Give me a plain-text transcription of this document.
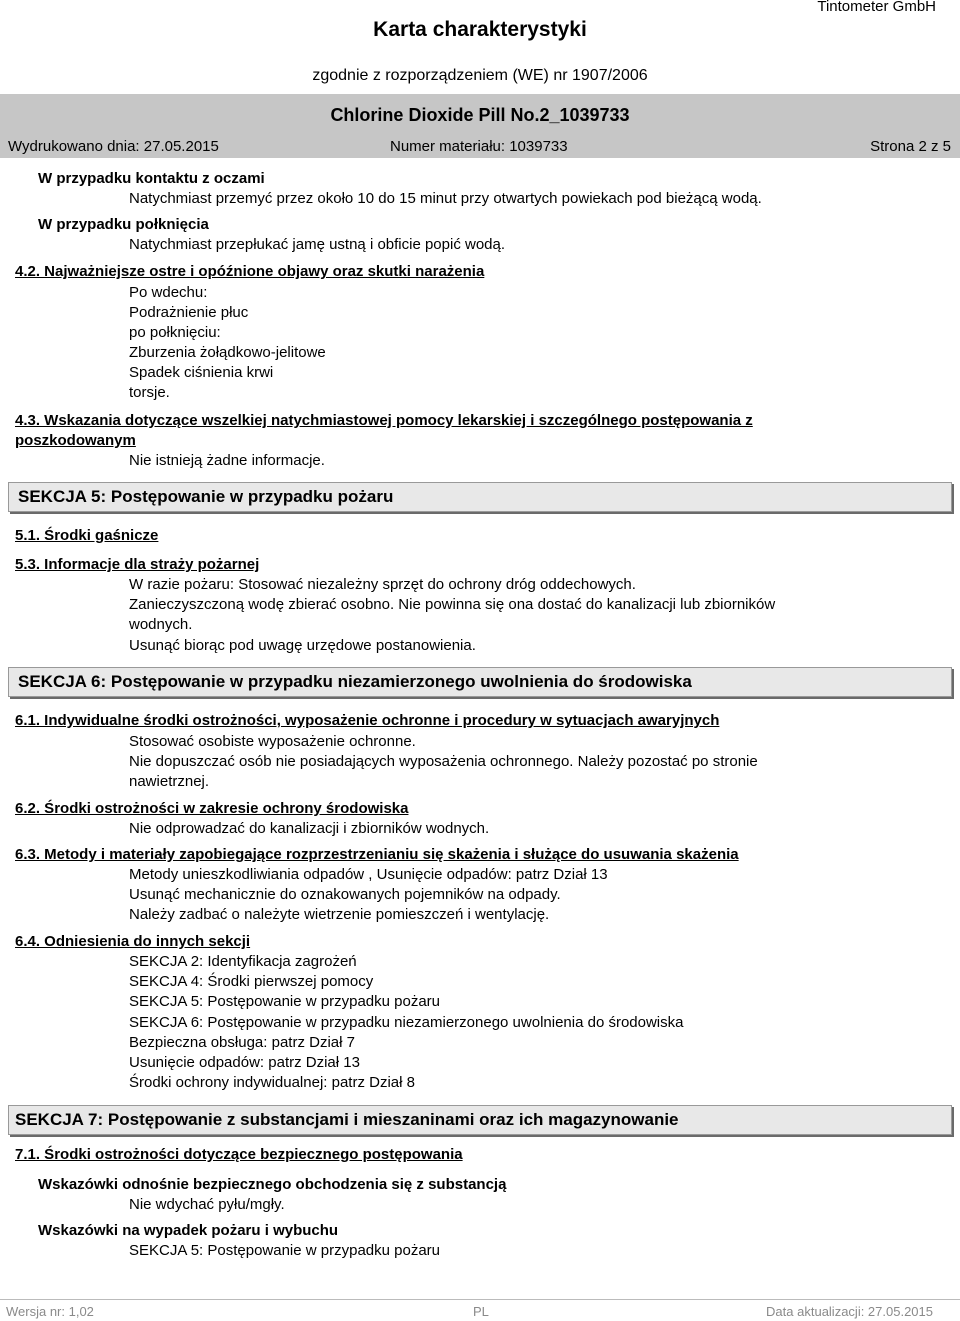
Tintometer GmbH
Karta charakterystyki
zgodnie z rozporządzeniem (WE) nr 1907/2006
Chlorine Dioxide Pill No.2_1039733
Wydrukowano dnia: 27.05.2015	Numer materiału: 1039733	Strona 2 z 5
W przypadku kontaktu z oczami
Natychmiast przemyć przez około 10 do 15 minut przy otwartych powiekach pod bieżącą wodą.
W przypadku połknięcia
Natychmiast przepłukać jamę ustną i obficie popić wodą.
4.2. Najważniejsze ostre i opóźnione objawy oraz skutki narażenia
Po wdechu:
Podrażnienie płuc
po połknięciu:
Zburzenia żołądkowo-jelitowe
Spadek ciśnienia krwi
torsje.
4.3. Wskazania dotyczące wszelkiej natychmiastowej pomocy lekarskiej i szczególnego postępowania z
poszkodowanym
Nie istnieją żadne informacje.
SEKCJA 5: Postępowanie w przypadku pożaru
5.1. Środki gaśnicze
5.3. Informacje dla straży pożarnej
W razie pożaru: Stosować niezależny sprzęt do ochrony dróg oddechowych.
Zanieczyszczoną wodę zbierać osobno. Nie powinna się ona dostać do kanalizacji lub zbiorników
wodnych.
Usunąć biorąc pod uwagę urzędowe postanowienia.
SEKCJA 6: Postępowanie w przypadku niezamierzonego uwolnienia do środowiska
6.1. Indywidualne środki ostrożności, wyposażenie ochronne i procedury w sytuacjach awaryjnych
Stosować osobiste wyposażenie ochronne.
Nie dopuszczać osób nie posiadających wyposażenia ochronnego. Należy pozostać po stronie
nawietrznej.
6.2. Środki ostrożności w zakresie ochrony środowiska
Nie odprowadzać do kanalizacji i zbiorników wodnych.
6.3. Metody i materiały zapobiegające rozprzestrzenianiu się skażenia i służące do usuwania skażenia
Metody unieszkodliwiania odpadów , Usunięcie odpadów: patrz Dział 13
Usunąć mechanicznie do oznakowanych pojemników na odpady.
Należy zadbać o należyte wietrzenie pomieszczeń i wentylację.
6.4. Odniesienia do innych sekcji
SEKCJA 2: Identyfikacja zagrożeń
SEKCJA 4: Środki pierwszej pomocy
SEKCJA 5: Postępowanie w przypadku pożaru
SEKCJA 6: Postępowanie w przypadku niezamierzonego uwolnienia do środowiska
Bezpieczna obsługa: patrz Dział 7
Usunięcie odpadów: patrz Dział 13
Środki ochrony indywidualnej: patrz Dział 8
SEKCJA 7: Postępowanie z substancjami i mieszaninami oraz ich magazynowanie
7.1. Środki ostrożności dotyczące bezpiecznego postępowania
Wskazówki odnośnie bezpiecznego obchodzenia się z substancją
Nie wdychać pyłu/mgły.
Wskazówki na wypadek pożaru i wybuchu
SEKCJA 5: Postępowanie w przypadku pożaru
Wersja nr: 1,02	PL	Data aktualizacji: 27.05.2015
